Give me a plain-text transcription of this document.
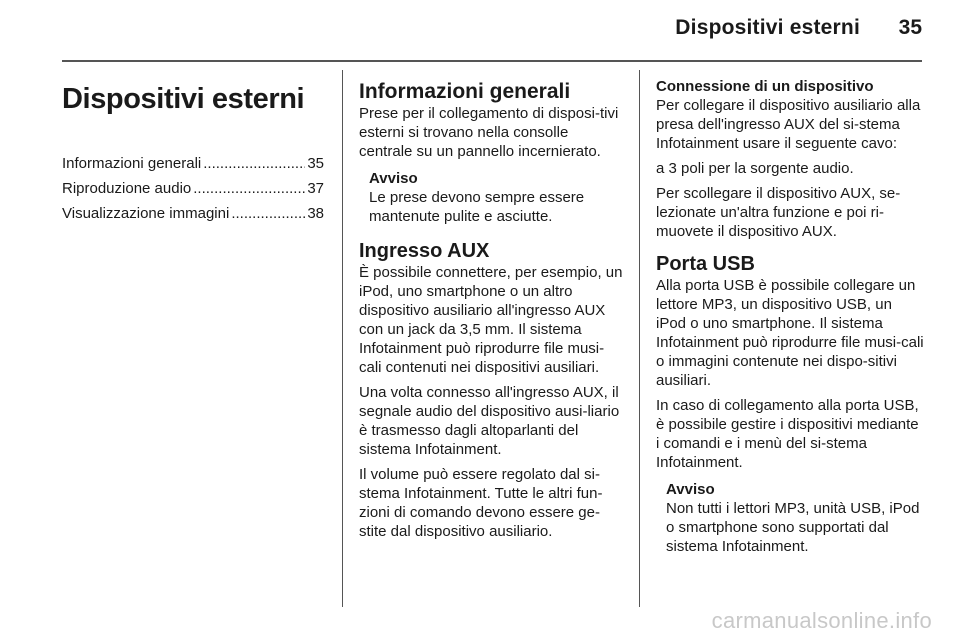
Dispositivi esterni 35
Dispositivi esterni
Informazioni generali .....	35
Riproduzione audio .....	37
Visualizzazione immagini .....	38
Informazioni generali

Prese per il collegamento di disposi-tivi esterni si trovano nella consolle centrale su un pannello incernierato.

Avviso

Le prese devono sempre essere mantenute pulite e asciutte.

Ingresso AUX

È possibile connettere, per esempio, un iPod, uno smartphone o un altro dispositivo ausiliario all'ingresso AUX con un jack da 3,5 mm. Il sistema Infotainment può riprodurre file musi-cali contenuti nei dispositivi ausiliari.

Una volta connesso all'ingresso AUX, il segnale audio del dispositivo ausi-liario è trasmesso dagli altoparlanti del sistema Infotainment.

Il volume può essere regolato dal si-stema Infotainment. Tutte le altri fun-zioni di comando devono essere ge-stite dal dispositivo ausiliario.

Connessione di un dispositivo

Per collegare il dispositivo ausiliario alla presa dell'ingresso AUX del si-stema Infotainment usare il seguente cavo:

a 3 poli per la sorgente audio.

Per scollegare il dispositivo AUX, se-lezionate un'altra funzione e poi ri-muovete il dispositivo AUX.

Porta USB

Alla porta USB è possibile collegare un lettore MP3, un dispositivo USB, un iPod o uno smartphone. Il sistema Infotainment può riprodurre file musi-cali o immagini contenute nei dispo-sitivi ausiliari.

In caso di collegamento alla porta USB, è possibile gestire i dispositivi mediante i comandi e i menù del si-stema Infotainment.

Avviso

Non tutti i lettori MP3, unità USB, iPod o smartphone sono supportati dal sistema Infotainment.

carmanualsonline.info
